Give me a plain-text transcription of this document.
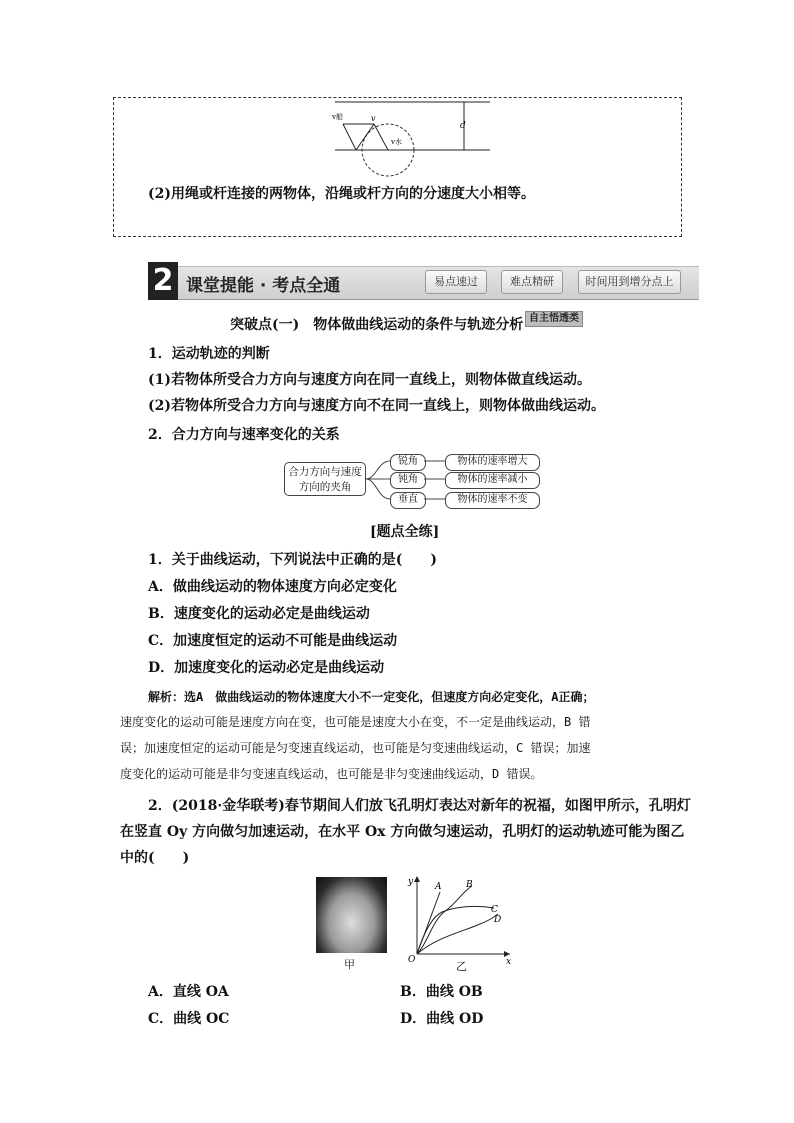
v船	v
v水
d
(2)用绳或杆连接的两物体，沿绳或杆方向的分速度大小相等。
2 课堂提能 · 考点全通	易点速过	难点精研	时间用到增分点上
突破点(一)　物体做曲线运动的条件与轨迹分析 自主悟透类
1．运动轨迹的判断
(1)若物体所受合力方向与速度方向在同一直线上，则物体做直线运动。
(2)若物体所受合力方向与速度方向不在同一直线上，则物体做曲线运动。
2．合力方向与速率变化的关系
合力方向与速度
方向的夹角
锐角
钝角
垂直
物体的速率增大
物体的速率减小
物体的速率不变
[题点全练]
1．关于曲线运动，下列说法中正确的是(　　)
A．做曲线运动的物体速度方向必定变化
B．速度变化的运动必定是曲线运动
C．加速度恒定的运动不可能是曲线运动
D．加速度变化的运动必定是曲线运动
解析：选A　做曲线运动的物体速度大小不一定变化，但速度方向必定变化，A正确；
速度变化的运动可能是速度方向在变，也可能是速度大小在变，不一定是曲线运动，B 错
误；加速度恒定的运动可能是匀变速直线运动，也可能是匀变速曲线运动，C 错误；加速
度变化的运动可能是非匀变速直线运动，也可能是非匀变速曲线运动，D 错误。
2．(2018·金华联考)春节期间人们放飞孔明灯表达对新年的祝福，如图甲所示，孔明灯
在竖直 Oy 方向做匀加速运动，在水平 Ox 方向做匀速运动，孔明灯的运动轨迹可能为图乙
中的(　　)
甲
y
x
O
A	B
C
D
乙
A．直线 OA	B．曲线 OB
C．曲线 OC	D．曲线 OD
